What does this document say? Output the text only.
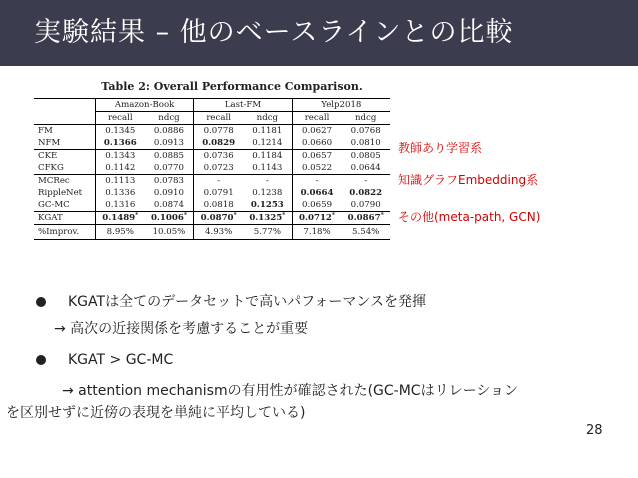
実験結果 – 他のベースラインとの比較
Table 2: Overall Performance Comparison.
	Amazon-Book		Last-FM		Yelp2018	
	recall	ndcg	recall	ndcg	recall	ndcg
FM	0.1345	0.0886	0.0778	0.1181	0.0627	0.0768
NFM	0.1366	0.0913	0.0829	0.1214	0.0660	0.0810
CKE	0.1343	0.0885	0.0736	0.1184	0.0657	0.0805
CFKG	0.1142	0.0770	0.0723	0.1143	0.0522	0.0644
MCRec	0.1113	0.0783	-	-	-	-
RippleNet	0.1336	0.0910	0.0791	0.1238	0.0664	0.0822
GC-MC	0.1316	0.0874	0.0818	0.1253	0.0659	0.0790
KGAT	0.1489*	0.1006*	0.0870*	0.1325*	0.0712*	0.0867*
%Improv.	8.95%	10.05%	4.93%	5.77%	7.18%	5.54%
教師あり学習系
知識グラフEmbedding系
その他(meta-path, GCN)
KGATは全てのデータセットで高いパフォーマンスを発揮
→ 高次の近接関係を考慮することが重要
KGAT > GC-MC
→ attention mechanismの有用性が確認された(GC-MCはリレーション
を区別せずに近傍の表現を単純に平均している)
28
